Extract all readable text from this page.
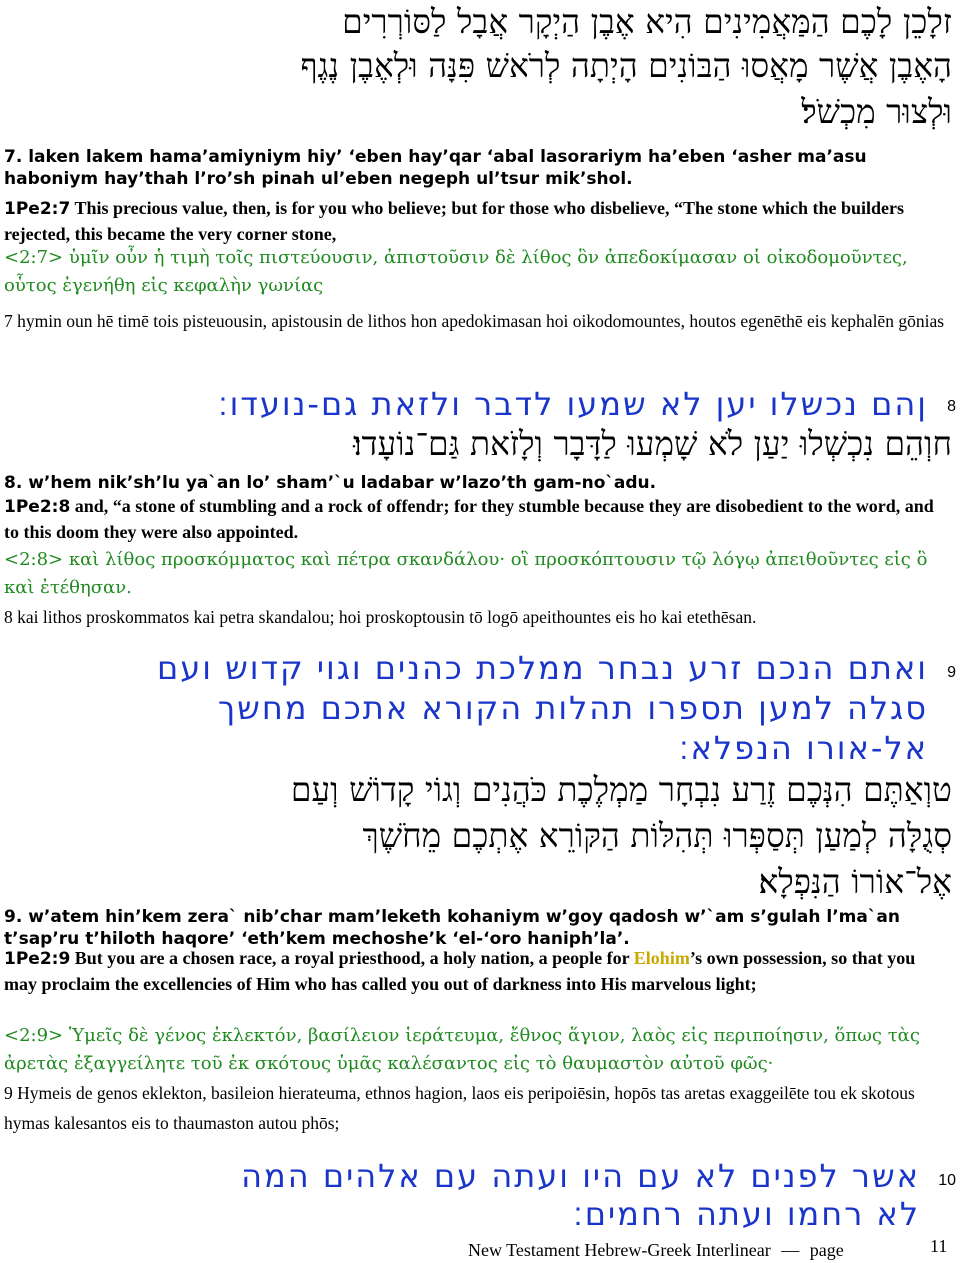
זלָכֵן לָכֶם הַמַּאֲמִינִים הִיא אֶבֶן הַיְקָר אֲבָל לַסּוֹרְרִים
הָאֶבֶן אֲשֶׁר מָאֲסוּ הַבּוֹנִים הָיְתָה לְרֹאשׁ פִּנָּה וּלְאֶבֶן נֶגֶף
וּלְצוּר מִכְשֹׁל׃
7. laken lakem hama’amiyniym hiy’ ‘eben hay’qar ‘abal lasorariym ha’eben ‘asher ma’asu haboniym hay’thah l’ro’sh pinah ul’eben negeph ul’tsur mik’shol.
1Pe2:7 This precious value, then, is for you who believe; but for those who disbelieve, “The stone which the builders rejected, this became the very corner stone,
<2:7> ὑμῖν οὖν ἡ τιμὴ τοῖς πιστεύουσιν, ἀπιστοῦσιν δὲ λίθος ὃν ἀπεδοκίμασαν οἱ οἰκοδομοῦντες, οὗτος ἐγενήθη εἰς κεφαλὴν γωνίας
7 hymin oun hē timē tois pisteuousin, apistousin de lithos hon apedokimasan hoi oikodomountes, houtos egenēthē eis kephalēn gōnias
8
ןהם נכשלו יען לא שמעו לדבר ולזאת גם-נועדו׃
חוְהֵם נִכְשְׁלוּ יַעַן לֹא שָׁמְעוּ לַדָּבָר וְלָזֹאת גַּם־נוֹעָדוּ׃
8. w’hem nik’sh’lu ya`an lo’ sham’`u ladabar w’lazo’th gam-no`adu.
1Pe2:8 and, “a stone of stumbling and a rock of offendr; for they stumble because they are disobedient to the word, and to this doom they were also appointed.
<2:8> καὶ λίθος προσκόμματος καὶ πέτρα σκανδάλου· οἳ προσκόπτουσιν τῷ λόγῳ ἀπειθοῦντες εἰς ὃ καὶ ἐτέθησαν.
8 kai lithos proskommatos kai petra skandalou; hoi proskoptousin tō logō apeithountes eis ho kai etethēsan.
9
ואתם הנכם זרע נבחר ממלכת כהנים וגוי קדוש ועם
סגלה למען תספרו תהלות הקורא אתכם מחשך
אל-אורו הנפלא׃
טוְאַתֶּם הִנְּכֶם זֶרַע נִבְחָר מַמְלֶכֶת כֹּהֲנִים וְגוֹי קָדוֹשׁ וְעַם
סְגֻלָּה לְמַעַן תְּסַפְּרוּ תְּהִלּוֹת הַקּוֹרֵא אֶתְכֶם מֵחֹשֶׁךְ
אֶל־אוֹרוֹ הַנִּפְלָא׃
9. w’atem hin’kem zera` nib’char mam’leketh kohaniym w’goy qadosh w’`am s’gulah l’ma`an t’sap’ru t’hiloth haqore’ ‘eth’kem mechoshe’k ‘el-‘oro haniph’la’.
1Pe2:9 But you are a chosen race, a royal priesthood, a holy nation, a people for Elohim’s own possession, so that you may proclaim the excellencies of Him who has called you out of darkness into His marvelous light;
<2:9> Ὑμεῖς δὲ γένος ἐκλεκτόν, βασίλειον ἱεράτευμα, ἔθνος ἅγιον, λαὸς εἰς περιποίησιν, ὅπως τὰς ἀρετὰς ἐξαγγείλητε τοῦ ἐκ σκότους ὑμᾶς καλέσαντος εἰς τὸ θαυμαστὸν αὐτοῦ φῶς·
9 Hymeis de genos eklekton, basileion hierateuma, ethnos hagion, laos eis peripoiēsin, hopōs tas aretas exaggeilēte tou ek skotous hymas kalesantos eis to thaumaston autou phōs;
10
אשר לפנים לא עם היו ועתה עם אלהים המה
לא רחמו ועתה רחמים׃
New Testament Hebrew-Greek Interlinear — page	11
